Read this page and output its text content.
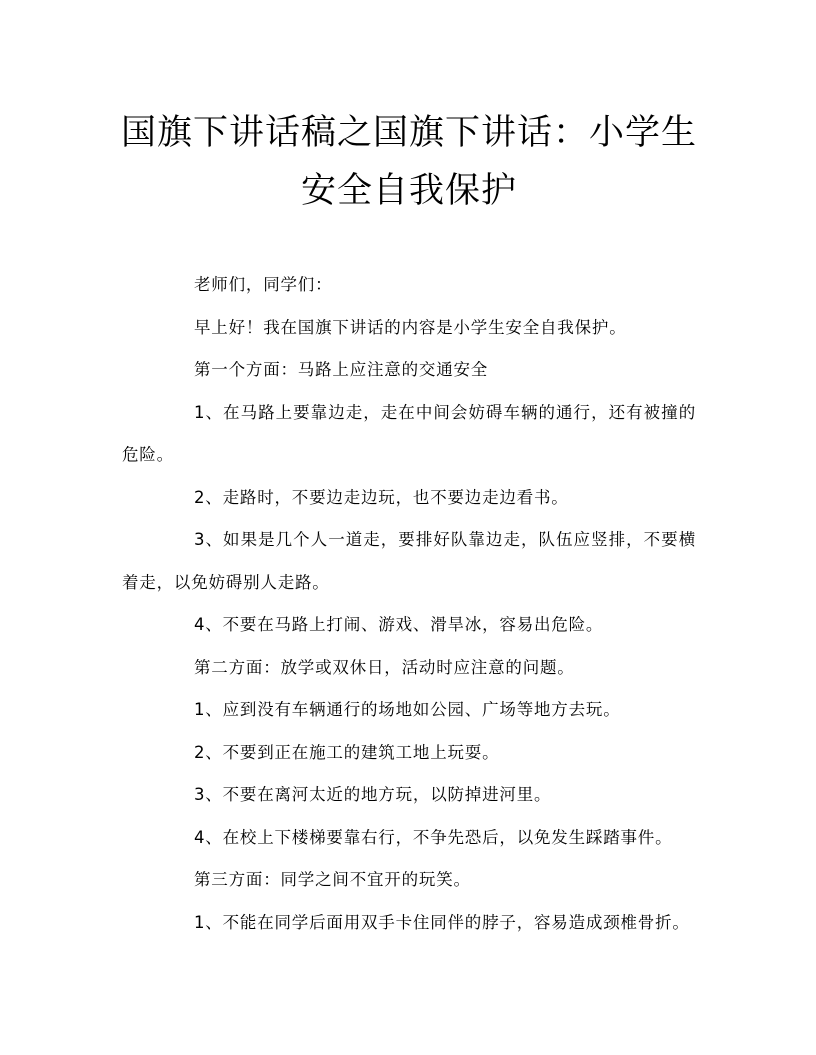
国旗下讲话稿之国旗下讲话：小学生安全自我保护

老师们，同学们：

早上好！我在国旗下讲话的内容是小学生安全自我保护。

第一个方面：马路上应注意的交通安全

1、在马路上要靠边走，走在中间会妨碍车辆的通行，还有被撞的危险。

2、走路时，不要边走边玩，也不要边走边看书。

3、如果是几个人一道走，要排好队靠边走，队伍应竖排，不要横着走，以免妨碍别人走路。

4、不要在马路上打闹、游戏、滑旱冰，容易出危险。

第二方面：放学或双休日，活动时应注意的问题。

1、应到没有车辆通行的场地如公园、广场等地方去玩。

2、不要到正在施工的建筑工地上玩耍。

3、不要在离河太近的地方玩，以防掉进河里。

4、在校上下楼梯要靠右行，不争先恐后，以免发生踩踏事件。

第三方面：同学之间不宜开的玩笑。

1、不能在同学后面用双手卡住同伴的脖子，容易造成颈椎骨折。
